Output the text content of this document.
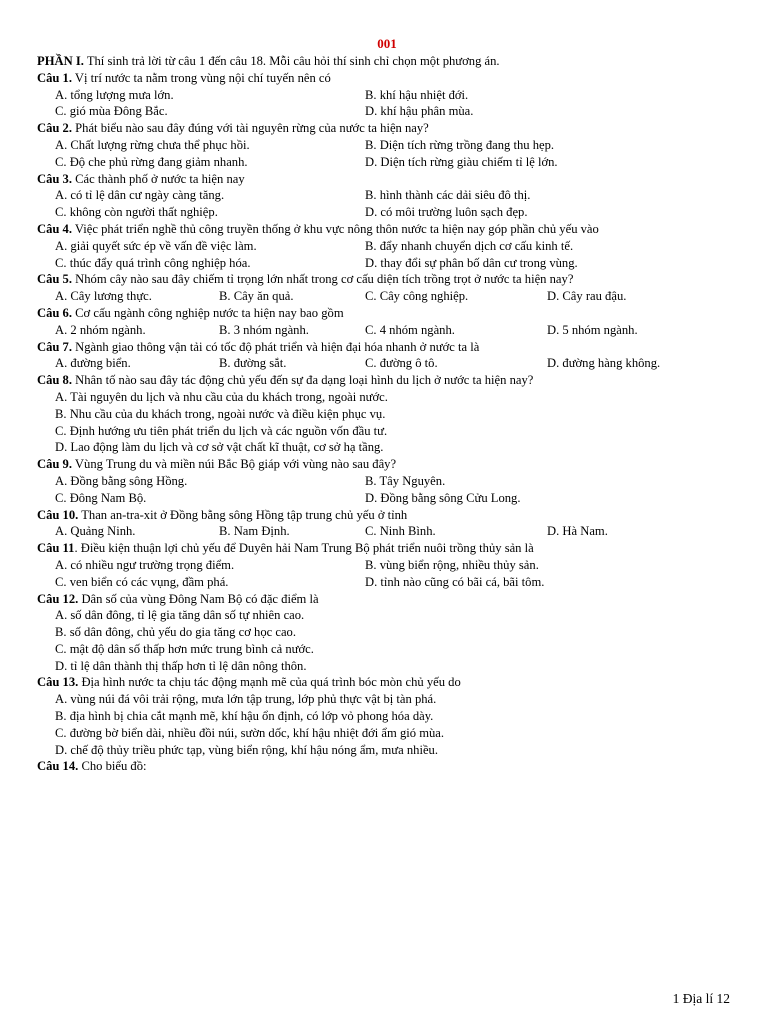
001
PHẦN I. Thí sinh trả lời từ câu 1 đến câu 18. Mỗi câu hỏi thí sinh chỉ chọn một phương án.
Câu 1. Vị trí nước ta nằm trong vùng nội chí tuyến nên có
A. tổng lượng mưa lớn.	B. khí hậu nhiệt đới.
C. gió mùa Đông Bắc.	D. khí hậu phân mùa.
Câu 2. Phát biểu nào sau đây đúng với tài nguyên rừng của nước ta hiện nay?
A. Chất lượng rừng chưa thể phục hồi.	B. Diện tích rừng trồng đang thu hẹp.
C. Độ che phủ rừng đang giảm nhanh.	D. Diện tích rừng giàu chiếm tỉ lệ lớn.
Câu 3. Các thành phố ở nước ta hiện nay
A. có tỉ lệ dân cư ngày càng tăng.	B. hình thành các dải siêu đô thị.
C. không còn người thất nghiệp.	D. có môi trường luôn sạch đẹp.
Câu 4. Việc phát triển nghề thủ công truyền thống ở khu vực nông thôn nước ta hiện nay góp phần chủ yếu vào
A. giải quyết sức ép về vấn đề việc làm.	B. đẩy nhanh chuyển dịch cơ cấu kinh tế.
C. thúc đẩy quá trình công nghiệp hóa.	D. thay đổi sự phân bố dân cư trong vùng.
Câu 5. Nhóm cây nào sau đây chiếm tỉ trọng lớn nhất trong cơ cấu diện tích trồng trọt ở nước ta hiện nay?
A. Cây lương thực.	B. Cây ăn quả.	C. Cây công nghiệp.	D. Cây rau đậu.
Câu 6. Cơ cấu ngành công nghiệp nước ta hiện nay bao gồm
A. 2 nhóm ngành.	B. 3 nhóm ngành.	C. 4 nhóm ngành.	D. 5 nhóm ngành.
Câu 7. Ngành giao thông vận tải có tốc độ phát triển và hiện đại hóa nhanh ở nước ta là
A. đường biển.	B. đường sắt.	C. đường ô tô.	D. đường hàng không.
Câu 8. Nhân tố nào sau đây tác động chủ yếu đến sự đa dạng loại hình du lịch ở nước ta hiện nay?
A. Tài nguyên du lịch và nhu cầu của du khách trong, ngoài nước.
B. Nhu cầu của du khách trong, ngoài nước và điều kiện phục vụ.
C. Định hướng ưu tiên phát triển du lịch và các nguồn vốn đầu tư.
D. Lao động làm du lịch và cơ sở vật chất kĩ thuật, cơ sở hạ tầng.
Câu 9. Vùng Trung du và miền núi Bắc Bộ giáp với vùng nào sau đây?
A. Đồng bằng sông Hồng.	B. Tây Nguyên.
C. Đông Nam Bộ.	D. Đồng bằng sông Cửu Long.
Câu 10. Than an-tra-xit ở Đồng bằng sông Hồng tập trung chủ yếu ở tỉnh
A. Quảng Ninh.	B. Nam Định.	C. Ninh Bình.	D. Hà Nam.
Câu 11. Điều kiện thuận lợi chủ yếu để Duyên hải Nam Trung Bộ phát triển nuôi trồng thủy sản là
A. có nhiều ngư trường trọng điểm.	B. vùng biển rộng, nhiều thủy sản.
C. ven biển có các vụng, đầm phá.	D. tỉnh nào cũng có bãi cá, bãi tôm.
Câu 12. Dân số của vùng Đông Nam Bộ có đặc điểm là
A. số dân đông, tỉ lệ gia tăng dân số tự nhiên cao.
B. số dân đông, chủ yếu do gia tăng cơ học cao.
C. mật độ dân số thấp hơn mức trung bình cả nước.
D. tỉ lệ dân thành thị thấp hơn tỉ lệ dân nông thôn.
Câu 13. Địa hình nước ta chịu tác động mạnh mẽ của quá trình bóc mòn chủ yếu do
A. vùng núi đá vôi trải rộng, mưa lớn tập trung, lớp phủ thực vật bị tàn phá.
B. địa hình bị chia cắt mạnh mẽ, khí hậu ổn định, có lớp vỏ phong hóa dày.
C. đường bờ biển dài, nhiều đồi núi, sườn dốc, khí hậu nhiệt đới ẩm gió mùa.
D. chế độ thủy triều phức tạp, vùng biển rộng, khí hậu nóng ẩm, mưa nhiều.
Câu 14. Cho biểu đồ:
1 Địa lí 12
